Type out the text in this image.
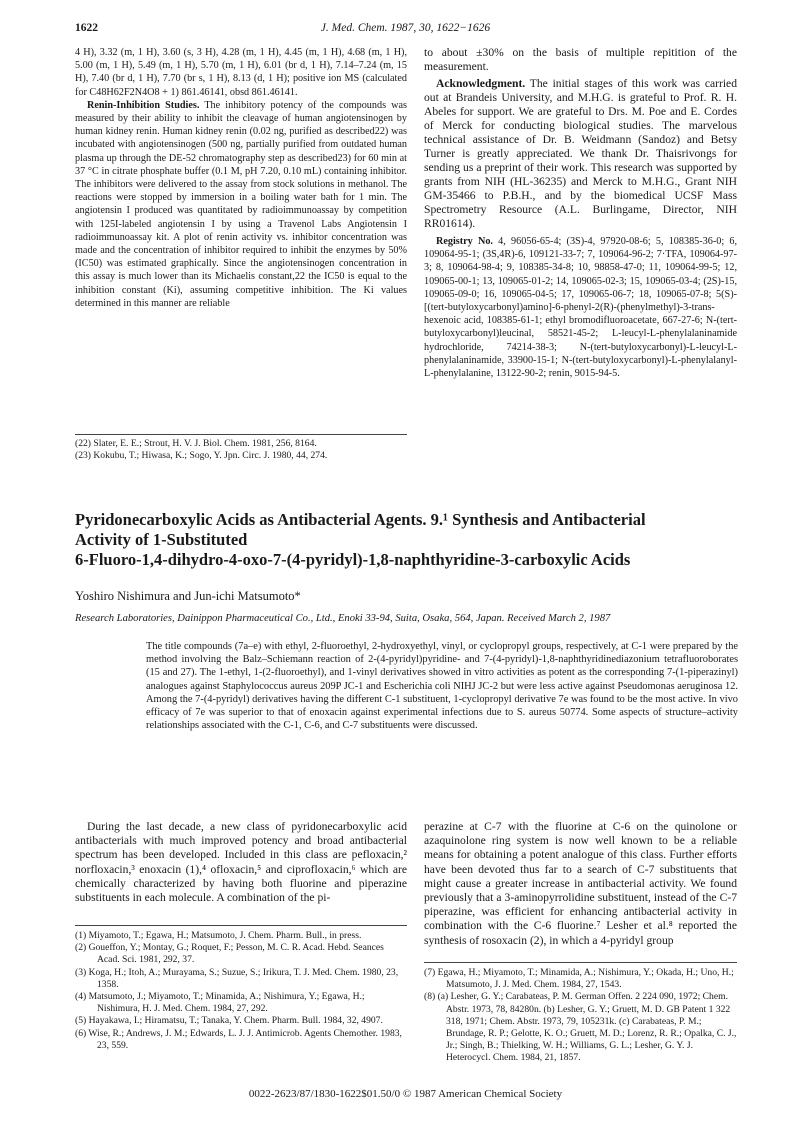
1622	J. Med. Chem. 1987, 30, 1622−1626

4 H), 3.32 (m, 1 H), 3.60 (s, 3 H), 4.28 (m, 1 H), 4.45 (m, 1 H), 4.68 (m, 1 H), 5.00 (m, 1 H), 5.49 (m, 1 H), 5.70 (m, 1 H), 6.01 (br d, 1 H), 7.14–7.24 (m, 15 H), 7.40 (br d, 1 H), 7.70 (br s, 1 H), 8.13 (d, 1 H); positive ion MS (calculated for C48H62F2N4O8 + 1) 861.46141, obsd 861.46141.

Renin-Inhibition Studies. The inhibitory potency of the compounds was measured by their ability to inhibit the cleavage of human angiotensinogen by human kidney renin. Human kidney renin (0.02 ng, purified as described22) was incubated with angiotensinogen (500 ng, partially purified from outdated human plasma up through the DE-52 chromatography step as described23) for 60 min at 37 °C in citrate phosphate buffer (0.1 M, pH 7.20, 0.10 mL) containing inhibitor. The inhibitors were delivered to the assay from stock solutions in methanol. The reactions were stopped by immersion in a boiling water bath for 1 min. The angiotensin I produced was quantitated by radioimmunoassay by competition with 125I-labeled angiotensin I by using a Travenol Labs Angiotensin I radioimmunoassay kit. A plot of renin activity vs. inhibitor concentration was made and the concentration of inhibitor required to inhibit the enzymes by 50% (IC50) was estimated graphically. Since the angiotensinogen concentration in this assay is much lower than its Michaelis constant,22 the IC50 is equal to the inhibition constant (Ki), assuming competitive inhibition. The Ki values determined in this manner are reliable

(22) Slater, E. E.; Strout, H. V. J. Biol. Chem. 1981, 256, 8164.

(23) Kokubu, T.; Hiwasa, K.; Sogo, Y. Jpn. Circ. J. 1980, 44, 274.

to about ±30% on the basis of multiple repitition of the measurement.

Acknowledgment. The initial stages of this work was carried out at Brandeis University, and M.H.G. is grateful to Prof. R. H. Abeles for support. We are grateful to Drs. M. Poe and E. Cordes of Merck for conducting biological studies. The marvelous technical assistance of Dr. B. Weidmann (Sandoz) and Betsy Turner is greatly appreciated. We thank Dr. Thaisrivongs for sending us a preprint of their work. This research was supported by grants from NIH (HL-36235) and Merck to M.H.G., Grant NIH GM-35466 to P.B.H., and by the biomedical UCSF Mass Spectrometry Resource (A.L. Burlingame, Director, NIH RR01614).

Registry No. 4, 96056-65-4; (3S)-4, 97920-08-6; 5, 108385-36-0; 6, 109064-95-1; (3S,4R)-6, 109121-33-7; 7, 109064-96-2; 7·TFA, 109064-97-3; 8, 109064-98-4; 9, 108385-34-8; 10, 98858-47-0; 11, 109064-99-5; 12, 109065-00-1; 13, 109065-01-2; 14, 109065-02-3; 15, 109065-03-4; (2S)-15, 109065-09-0; 16, 109065-04-5; 17, 109065-06-7; 18, 109065-07-8; 5(S)-[(tert-butyloxycarbonyl)amino]-6-phenyl-2(R)-(phenylmethyl)-3-trans-hexenoic acid, 108385-61-1; ethyl bromodifluoroacetate, 667-27-6; N-(tert-butyloxycarbonyl)leucinal, 58521-45-2; L-leucyl-L-phenylalaninamide hydrochloride, 74214-38-3; N-(tert-butyloxycarbonyl)-L-leucyl-L-phenylalaninamide, 33900-15-1; N-(tert-butyloxycarbonyl)-L-phenylalanyl-L-phenylalanine, 13122-90-2; renin, 9015-94-5.

Pyridonecarboxylic Acids as Antibacterial Agents. 9.¹ Synthesis and Antibacterial
Activity of 1-Substituted
6-Fluoro-1,4-dihydro-4-oxo-7-(4-pyridyl)-1,8-naphthyridine-3-carboxylic Acids
Yoshiro Nishimura and Jun-ichi Matsumoto*
Research Laboratories, Dainippon Pharmaceutical Co., Ltd., Enoki 33-94, Suita, Osaka, 564, Japan. Received March 2, 1987
The title compounds (7a–e) with ethyl, 2-fluoroethyl, 2-hydroxyethyl, vinyl, or cyclopropyl groups, respectively, at C-1 were prepared by the method involving the Balz–Schiemann reaction of 2-(4-pyridyl)pyridine- and 7-(4-pyridyl)-1,8-naphthyridinediazonium tetrafluoroborates (15 and 27). The 1-ethyl, 1-(2-fluoroethyl), and 1-vinyl derivatives showed in vitro activities as potent as the corresponding 7-(1-piperazinyl) analogues against Staphylococcus aureus 209P JC-1 and Escherichia coli NIHJ JC-2 but were less active against Pseudomonas aeruginosa 12. Among the 7-(4-pyridyl) derivatives having the different C-1 substituent, 1-cyclopropyl derivative 7e was found to be the most active. In vivo efficacy of 7e was superior to that of enoxacin against experimental infections due to S. aureus 50774. Some aspects of structure–activity relationships associated with the C-1, C-6, and C-7 substituents were discussed.

During the last decade, a new class of pyridonecarboxylic acid antibacterials with much improved potency and broad antibacterial spectrum has been developed. Included in this class are pefloxacin,² norfloxacin,³ enoxacin (1),⁴ ofloxacin,⁵ and ciprofloxacin,⁶ which are chemically characterized by having both fluorine and piperazine substituents in each molecule. A combination of the pi-

perazine at C-7 with the fluorine at C-6 on the quinolone or azaquinolone ring system is now well known to be a reliable means for obtaining a potent analogue of this class. Further efforts have been devoted thus far to a search of C-7 substituents that might cause a greater increase in antibacterial activity. We found previously that a 3-aminopyrrolidine substituent, instead of the C-7 piperazine, was efficient for enhancing antibacterial activity in combination with the C-6 fluorine.⁷ Lesher et al.⁸ reported the synthesis of rosoxacin (2), in which a 4-pyridyl group

(1) Miyamoto, T.; Egawa, H.; Matsumoto, J. Chem. Pharm. Bull., in press.

(2) Goueffon, Y.; Montay, G.; Roquet, F.; Pesson, M. C. R. Acad. Hebd. Seances Acad. Sci. 1981, 292, 37.

(3) Koga, H.; Itoh, A.; Murayama, S.; Suzue, S.; Irikura, T. J. Med. Chem. 1980, 23, 1358.

(4) Matsumoto, J.; Miyamoto, T.; Minamida, A.; Nishimura, Y.; Egawa, H.; Nishimura, H. J. Med. Chem. 1984, 27, 292.

(5) Hayakawa, I.; Hiramatsu, T.; Tanaka, Y. Chem. Pharm. Bull. 1984, 32, 4907.

(6) Wise, R.; Andrews, J. M.; Edwards, L. J. J. Antimicrob. Agents Chemother. 1983, 23, 559.

(7) Egawa, H.; Miyamoto, T.; Minamida, A.; Nishimura, Y.; Okada, H.; Uno, H.; Matsumoto, J. J. Med. Chem. 1984, 27, 1543.

(8) (a) Lesher, G. Y.; Carabateas, P. M. German Offen. 2 224 090, 1972; Chem. Abstr. 1973, 78, 84280n. (b) Lesher, G. Y.; Gruett, M. D. GB Patent 1 322 318, 1971; Chem. Abstr. 1973, 79, 105231k. (c) Carabateas, P. M.; Brundage, R. P.; Gelotte, K. O.; Gruett, M. D.; Lorenz, R. R.; Opalka, C. J., Jr.; Singh, B.; Thielking, W. H.; Williams, G. L.; Lesher, G. Y. J. Heterocycl. Chem. 1984, 21, 1857.

0022-2623/87/1830-1622$01.50/0 © 1987 American Chemical Society
